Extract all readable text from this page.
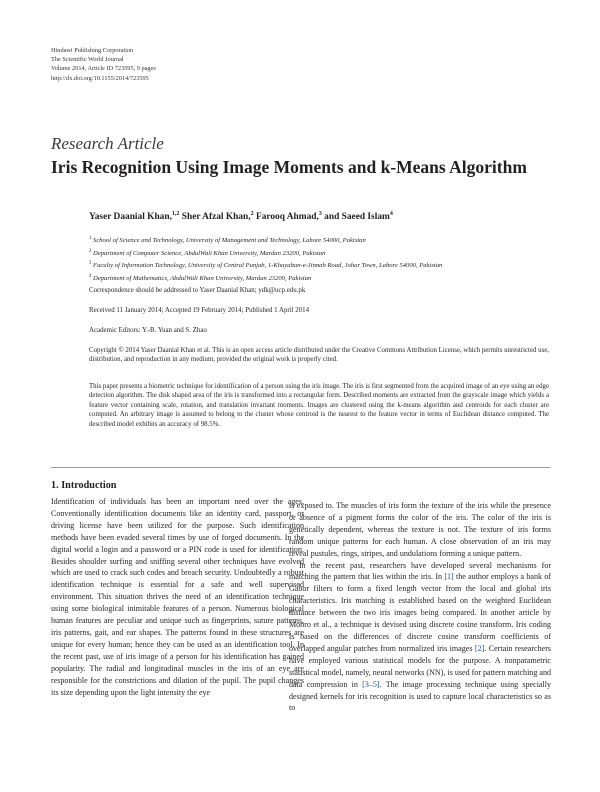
Hindawi Publishing Corporation
The Scientific World Journal
Volume 2014, Article ID 723595, 9 pages
http://dx.doi.org/10.1155/2014/723595
Research Article
Iris Recognition Using Image Moments and k-Means Algorithm
Yaser Daanial Khan,$^{1,2}$ Sher Afzal Khan,$^2$ Farooq Ahmad,$^3$ and Saeed Islam$^4$
$^1$ School of Science and Technology, University of Management and Technology, Lahore 54000, Pakistan
$^2$ Department of Computer Science, AbdulWali Khan University, Mardan 23200, Pakistan
$^3$ Faculty of Information Technology, University of Central Punjab, 1-Khayaban-e-Jinnah Road, Johar Town, Lahore 54000, Pakistan
$^4$ Department of Mathematics, AbdulWali Khan University, Mardan 23200, Pakistan
Correspondence should be addressed to Yaser Daanial Khan; ydk@ucp.edu.pk
Received 11 January 2014; Accepted 19 February 2014; Published 1 April 2014
Academic Editors: Y.-B. Yuan and S. Zhao
Copyright © 2014 Yaser Daanial Khan et al. This is an open access article distributed under the Creative Commons Attribution License, which permits unrestricted use, distribution, and reproduction in any medium, provided the original work is properly cited.
This paper presents a biometric technique for identification of a person using the iris image. The iris is first segmented from the acquired image of an eye using an edge detection algorithm. The disk shaped area of the iris is transformed into a rectangular form. Described moments are extracted from the grayscale image which yields a feature vector containing scale, rotation, and translation invariant moments. Images are clustered using the k-means algorithm and centroids for each cluster are computed. An arbitrary image is assumed to belong to the cluster whose centroid is the nearest to the feature vector in terms of Euclidean distance computed. The described model exhibits an accuracy of 98.5%.
1. Introduction

Identification of individuals has been an important need over the ages. Conventionally identification documents like an identity card, passport, or driving license have been utilized for the purpose. Such identification methods have been evaded several times by use of forged documents. In the digital world a login and a password or a PIN code is used for identification. Besides shoulder surfing and sniffing several other techniques have evolved which are used to crack such codes and breach security. Undoubtedly a robust identification technique is essential for a safe and well supervised environment. This situation thrives the need of an identification technique using some biological inimitable features of a person. Numerous biological human features are peculiar and unique such as fingerprints, suture patterns, iris patterns, gait, and ear shapes. The patterns found in these structures are unique for every human; hence they can be used as an identification tool. In the recent past, use of iris image of a person for his identification has gained popularity. The radial and longitudinal muscles in the iris of an eye are responsible for the constrictions and dilation of the pupil. The pupil changes its size depending upon the light intensity the eye

is exposed to. The muscles of iris form the texture of the iris while the presence or absence of a pigment forms the color of the iris. The color of the iris is genetically dependent, whereas the texture is not. The texture of iris forms random unique patterns for each human. A close observation of an iris may reveal pustules, rings, stripes, and undulations forming a unique pattern.

In the recent past, researchers have developed several mechanisms for matching the pattern that lies within the iris. In [1] the author employs a bank of Gabor filters to form a fixed length vector from the local and global iris characteristics. Iris matching is established based on the weighted Euclidean distance between the two iris images being compared. In another article by Monro et al., a technique is devised using discrete cosine transform. Iris coding is based on the differences of discrete cosine transform coefficients of overlapped angular patches from normalized iris images [2]. Certain researchers have employed various statistical models for the purpose. A nonparametric statistical model, namely, neural networks (NN), is used for pattern matching and data compression in [3–5]. The image processing technique using specially designed kernels for iris recognition is used to capture local characteristics so as to
